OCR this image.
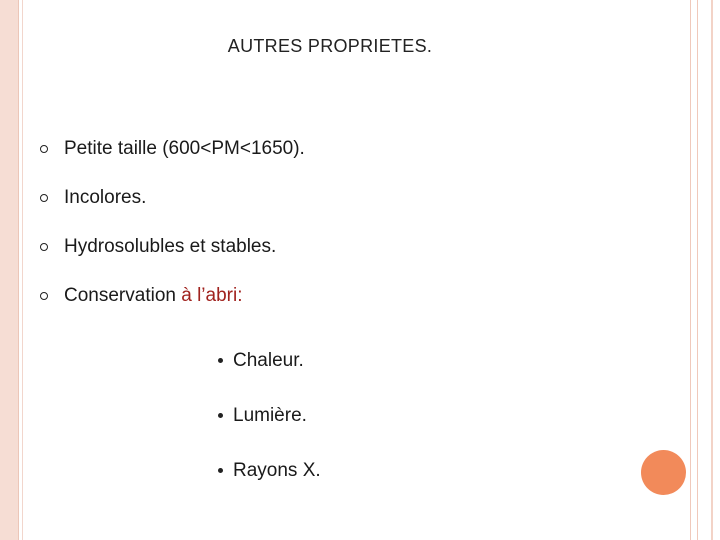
AUTRES PROPRIETES.
Petite taille (600<PM<1650).
Incolores.
Hydrosolubles et stables.
Conservation à l’abri:
Chaleur.
Lumière.
Rayons X.
